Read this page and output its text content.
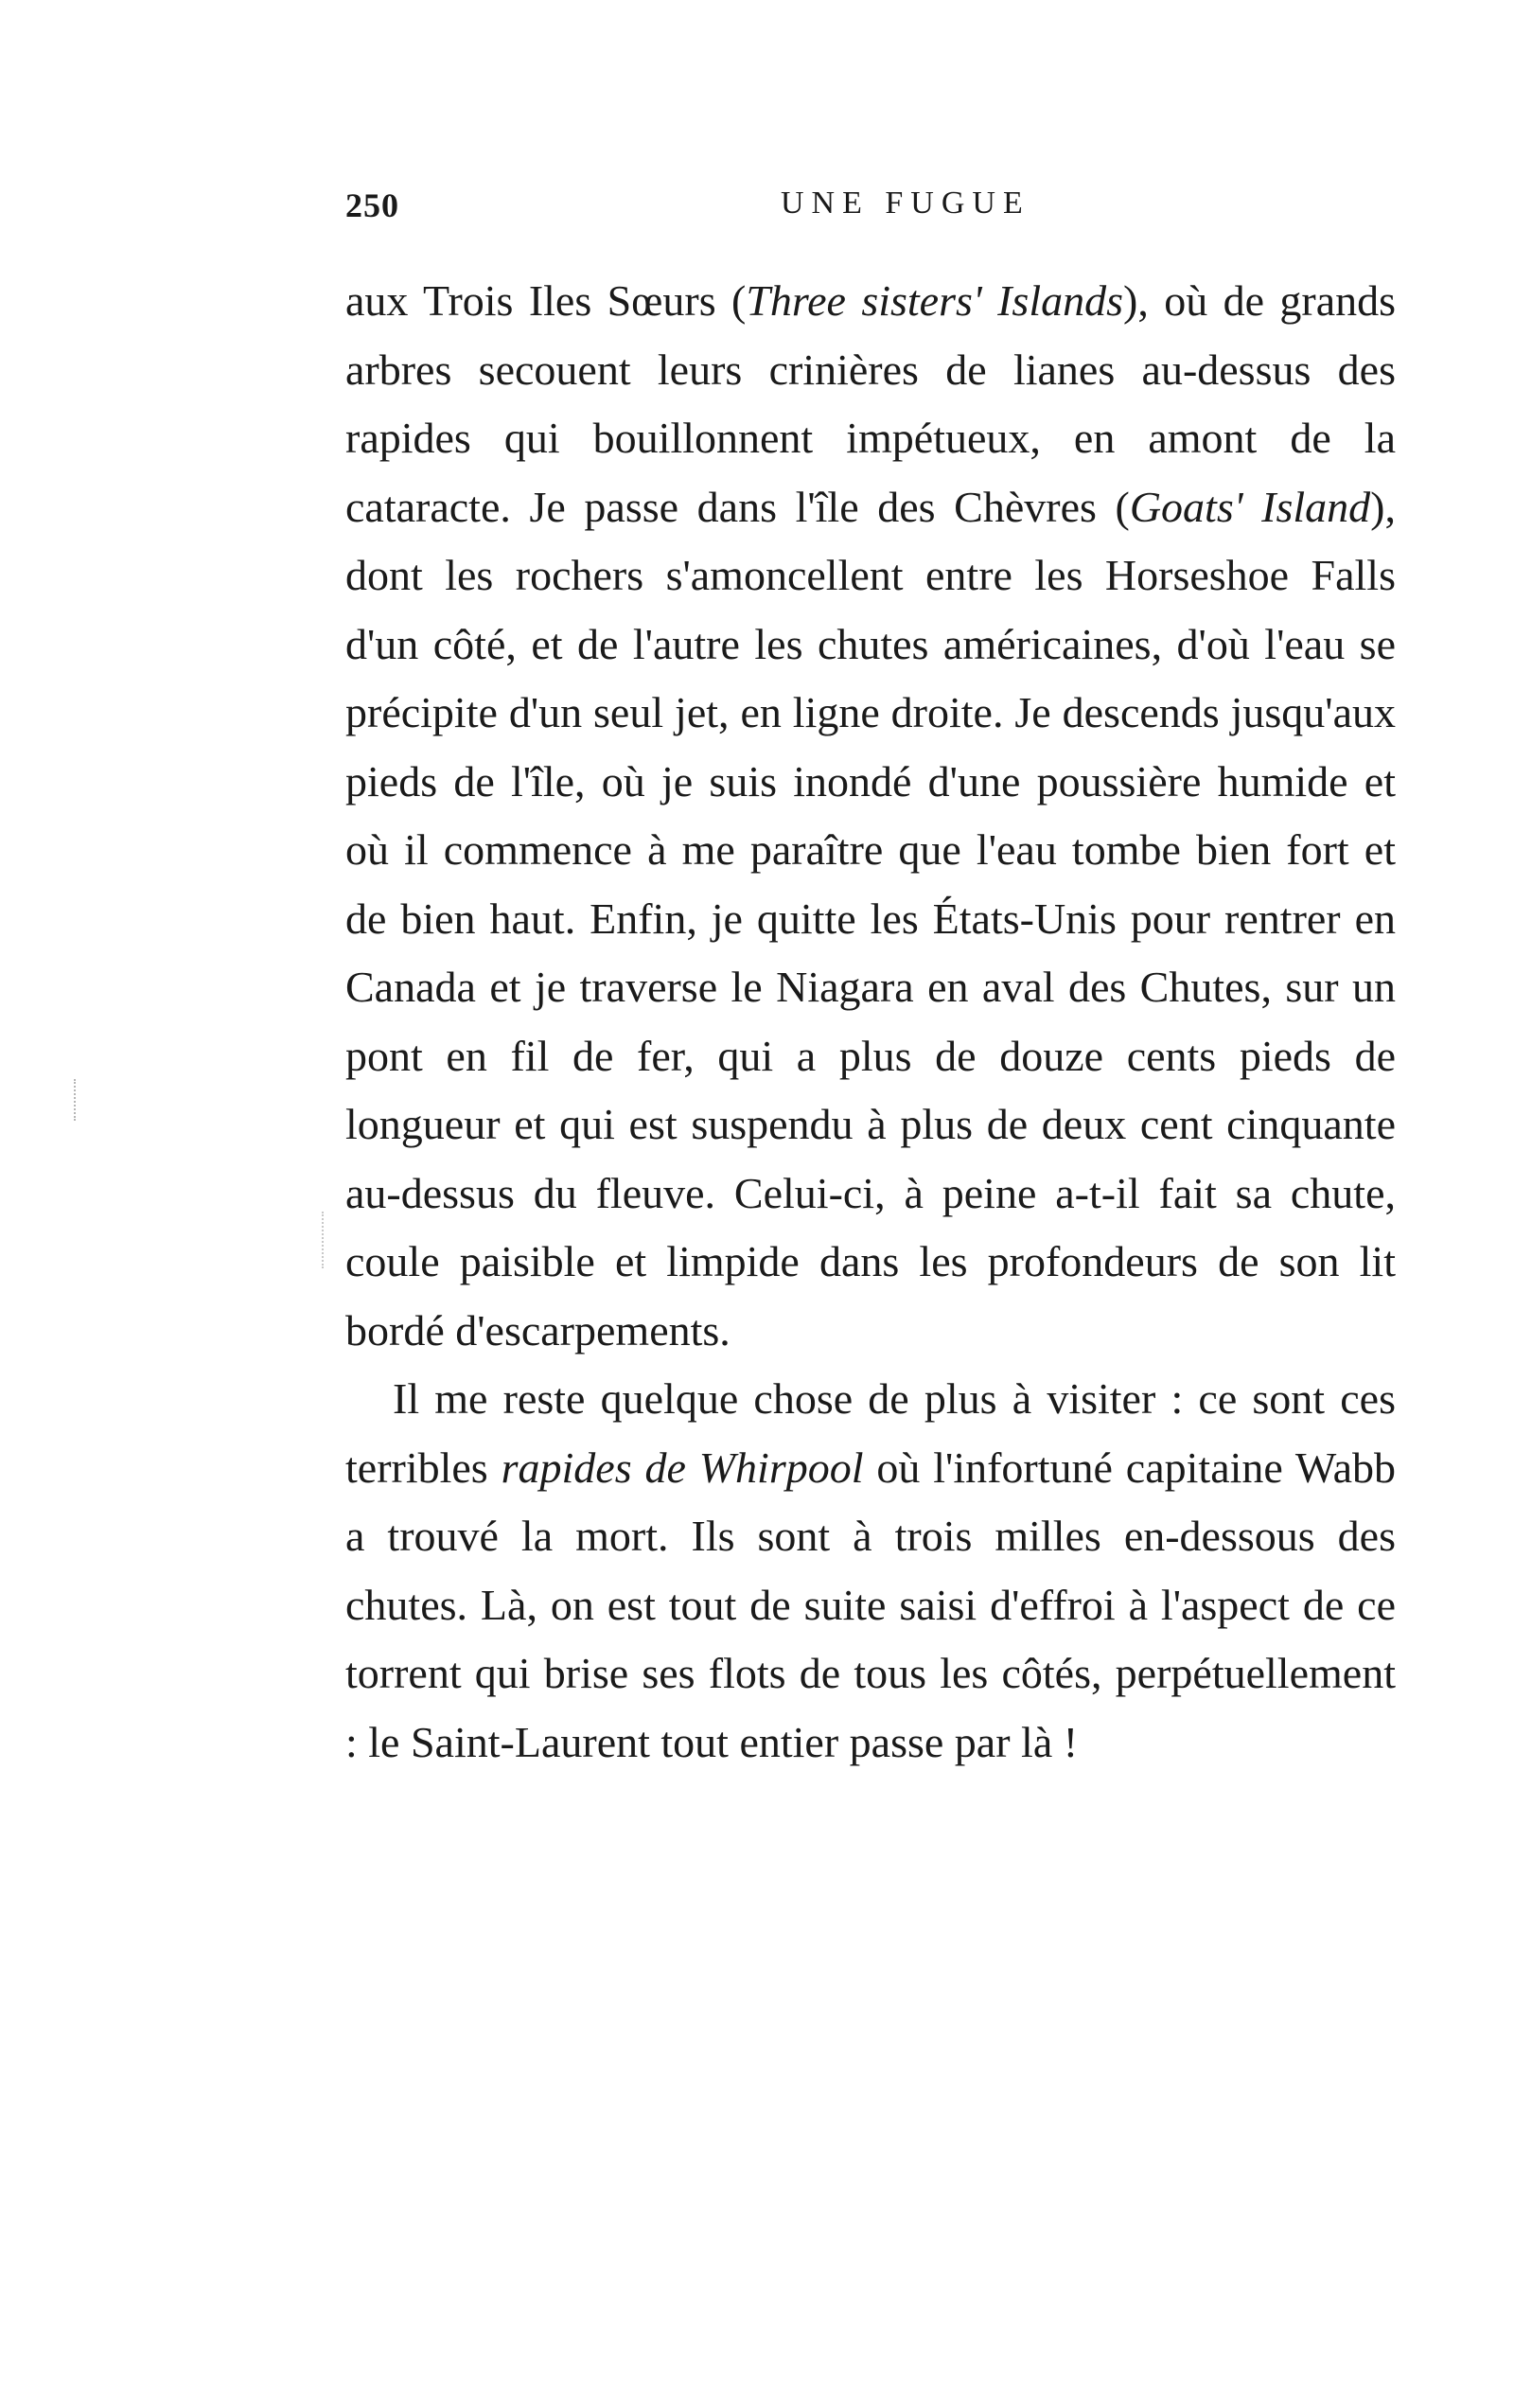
250	UNE FUGUE

aux Trois Iles Sœurs (Three sisters' Islands), où de grands arbres secouent leurs crinières de lianes au-dessus des rapides qui bouillonnent impétueux, en amont de la cataracte. Je passe dans l'île des Chèvres (Goats' Island), dont les rochers s'amoncellent entre les Horseshoe Falls d'un côté, et de l'autre les chutes américaines, d'où l'eau se précipite d'un seul jet, en ligne droite. Je descends jusqu'aux pieds de l'île, où je suis inondé d'une poussière humide et où il commence à me paraître que l'eau tombe bien fort et de bien haut. Enfin, je quitte les États-Unis pour rentrer en Canada et je traverse le Niagara en aval des Chutes, sur un pont en fil de fer, qui a plus de douze cents pieds de longueur et qui est suspendu à plus de deux cent cinquante au-dessus du fleuve. Celui-ci, à peine a-t-il fait sa chute, coule paisible et limpide dans les profondeurs de son lit bordé d'escarpements.

Il me reste quelque chose de plus à visiter : ce sont ces terribles rapides de Whirpool où l'infortuné capitaine Wabb a trouvé la mort. Ils sont à trois milles en-dessous des chutes. Là, on est tout de suite saisi d'effroi à l'aspect de ce torrent qui brise ses flots de tous les côtés, perpétuellement : le Saint-Laurent tout entier passe par là !
